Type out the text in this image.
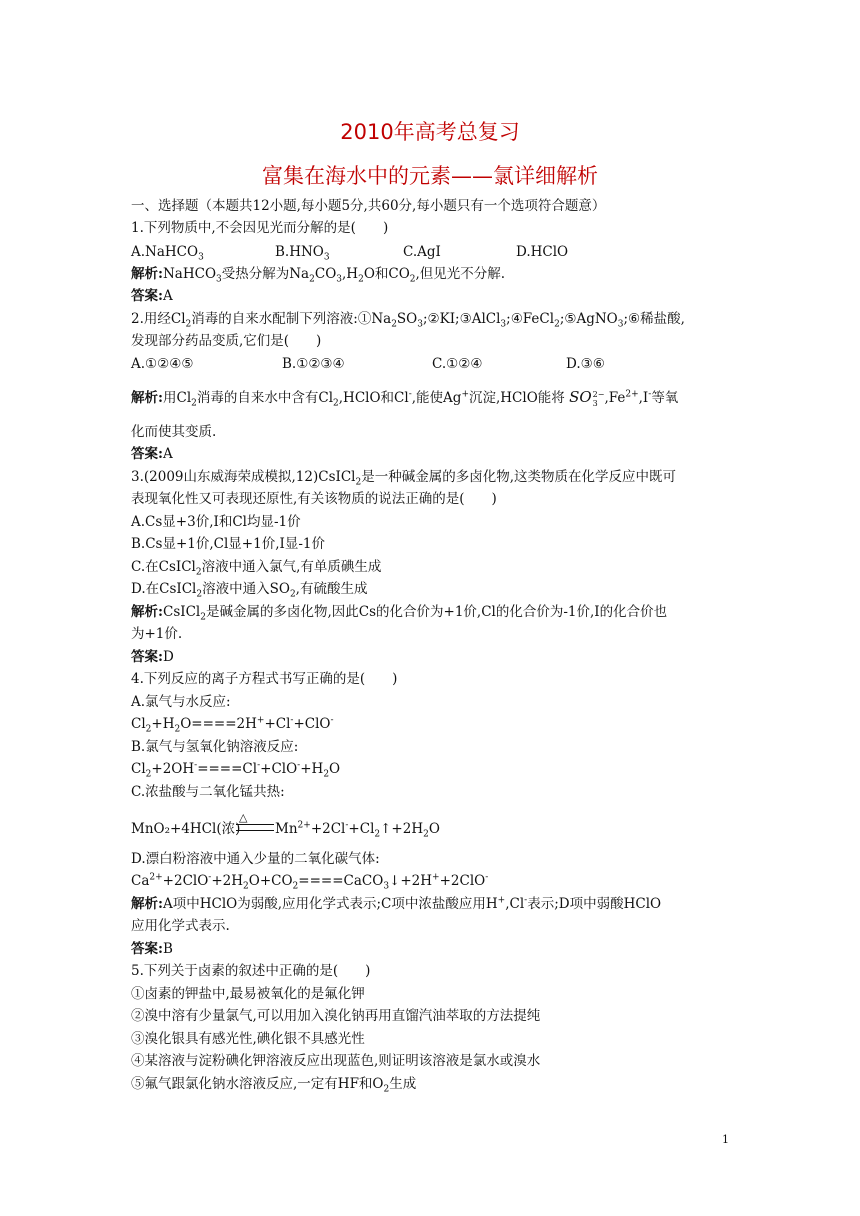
2010年高考总复习
富集在海水中的元素——氯详细解析
一、选择题（本题共12小题,每小题5分,共60分,每小题只有一个选项符合题意）
1.下列物质中,不会因见光而分解的是(　　)
A.NaHCO$_3$	$B.HNO_3$	C.AgI	D.HClO
解析:NaHCO$_3$受热分解为$Na_2CO_3,H_2O$和$CO_2$,但见光不分解.
答案:A
2.用经$Cl_2$消毒的自来水配制下列溶液$:①Na_2SO_3;②KI;③AlCl_3;④FeCl_2;⑤AgNO_3;⑥$稀盐酸,
发现部分药品变质,它们是(　　)
A.①②④⑤	B.①②③④	C.①②④	D.③⑥
解析:用$Cl_2$消毒的自来水中含有$Cl_2,HClO$和Cl-,能使Ag+沉淀,HClO能将 SO 2−
3 $,Fe^{2+},I^-$等氧
化而使其变质.
答案:A
3.(2009山东威海荣成模拟,12)CsICl$_2$是一种碱金属的多卤化物,这类物质在化学反应中既可
表现氧化性又可表现还原性,有关该物质的说法正确的是(　　)
A.Cs显+3价,I和Cl均显-1价
B.Cs显+1价,Cl显+1价,I显-1价
C.在CsICl$_2$溶液中通入氯气,有单质碘生成
D.在CsICl$_2$溶液中通入$SO_2$,有硫酸生成
解析:CsICl$_2$是碱金属的多卤化物,因此Cs的化合价为+1价,Cl的化合价为-1价,I的化合价也
为+1价.
答案:D
4.下列反应的离子方程式书写正确的是(　　)
A.氯气与水反应:
$Cl_2+H_2O====2H^++Cl^-+ClO^-$
B.氯气与氢氧化钠溶液反应:
$Cl_2+2OH^-====Cl^-+ClO^-+H_2O$
C.浓盐酸与二氧化锰共热:
△
MnO₂+4HCl(浓)	$Mn^{2+}+2Cl^-+Cl_2↑+2H_2O$
D.漂白粉溶液中通入少量的二氧化碳气体:
$Ca^{2+}+2ClO^-+2H_2O+CO_2====CaCO_3↓+2H^++2ClO^-$
解析:A项中HClO为弱酸,应用化学式表示;C项中浓盐酸应用H+,Cl-表示;D项中弱酸HClO
应用化学式表示.
答案:B
5.下列关于卤素的叙述中正确的是(　　)
①卤素的钾盐中,最易被氧化的是氟化钾
②溴中溶有少量氯气,可以用加入溴化钠再用直馏汽油萃取的方法提纯
③溴化银具有感光性,碘化银不具感光性
④某溶液与淀粉碘化钾溶液反应出现蓝色,则证明该溶液是氯水或溴水
⑤氟气跟氯化钠水溶液反应,一定有HF和$O_2$生成
1
